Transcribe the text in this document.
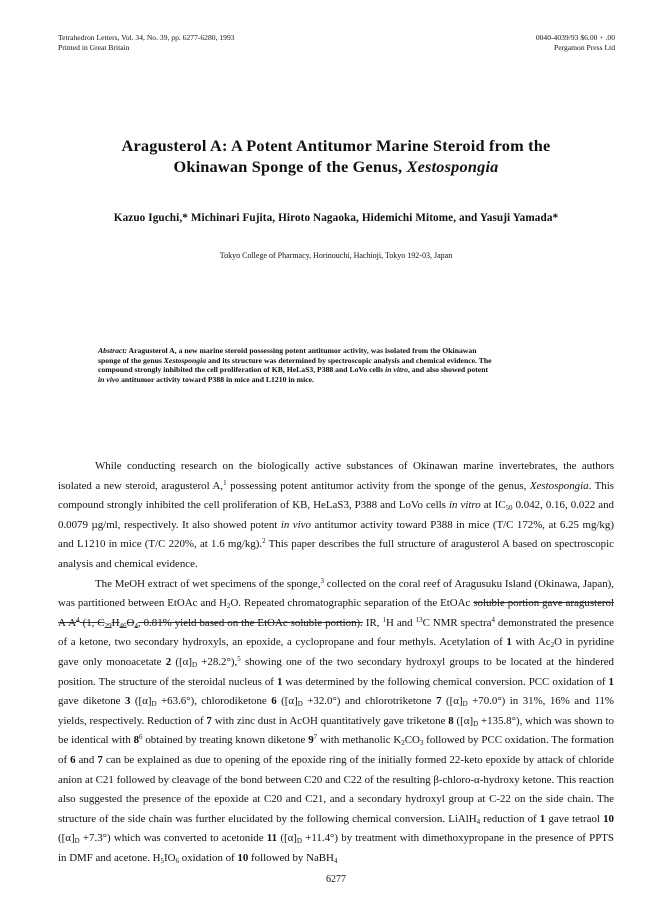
Tetrahedron Letters, Vol. 34, No. 39, pp. 6277-6280, 1993
Printed in Great Britain
0040-4039/93 $6.00 + .00
Pergamon Press Ltd
Aragusterol A: A Potent Antitumor Marine Steroid from the
Okinawan Sponge of the Genus, Xestospongia
Kazuo Iguchi,* Michinari Fujita, Hiroto Nagaoka, Hidemichi Mitome, and Yasuji Yamada*
Tokyo College of Pharmacy, Horinouchi, Hachioji, Tokyo 192-03, Japan
Abstract: Aragusterol A, a new marine steroid possessing potent antitumor activity, was isolated from the Okinawan sponge of the genus Xestospongia and its structure was determined by spectroscopic analysis and chemical evidence. The compound strongly inhibited the cell proliferation of KB, HeLaS3, P388 and LoVo cells in vitro, and also showed potent in vivo antitumor activity toward P388 in mice and L1210 in mice.

While conducting research on the biologically active substances of Okinawan marine invertebrates, the authors isolated a new steroid, aragusterol A,$^1$ possessing potent antitumor activity from the sponge of the genus, Xestospongia. This compound strongly inhibited the cell proliferation of KB, HeLaS3, P388 and LoVo cells in vitro at $IC_{50}$ 0.042, 0.16, 0.022 and 0.0079 µg/ml, respectively. It also showed potent in vivo antitumor activity toward P388 in mice (T/C 172%, at 6.25 mg/kg) and L1210 in mice (T/C 220%, at 1.6 mg/kg).$^2$ This paper describes the full structure of aragusterol A based on spectroscopic analysis and chemical evidence.

The MeOH extract of wet specimens of the sponge,$^3$ collected on the coral reef of Aragusuku Island (Okinawa, Japan), was partitioned between EtOAc and $H_2O$. Repeated chromatographic separation of the EtOAc soluble portion gave aragusterol A $A^4$ (1, $C_{29}H_{46}O_4$, 0.81% yield based on the EtOAc soluble portion). IR, $^1$H and $^{13}$C NMR spectra$^4$ demonstrated the presence of a ketone, two secondary hydroxyls, an epoxide, a cyclopropane and four methyls. Acetylation of 1 with $Ac_2O$ in pyridine gave only monoacetate 2 $([\alpha]_D +28.2^\circ),^5$ showing one of the two secondary hydroxyl groups to be located at the hindered position. The structure of the steroidal nucleus of 1 was determined by the following chemical conversion. PCC oxidation of 1 gave diketone 3 $([\alpha]_D +63.6^\circ)$, chlorodiketone 6 $([\alpha]_D +32.0^\circ)$ and chlorotriketone 7 $([\alpha]_D +70.0^\circ)$ in 31%, 16% and 11% yields, respectively. Reduction of 7 with zinc dust in AcOH quantitatively gave triketone 8 $([\alpha]_D +135.8^\circ)$, which was shown to be identical with $8^6$ obtained by treating known diketone $9^7$ with methanolic $K_2CO_3$ followed by PCC oxidation. The formation of 6 and 7 can be explained as due to opening of the epoxide ring of the initially formed 22-keto epoxide by attack of chloride anion at C21 followed by cleavage of the bond between C20 and C22 of the resulting β-chloro-α-hydroxy ketone. This reaction also suggested the presence of the epoxide at C20 and C21, and a secondary hydroxyl group at C-22 on the side chain. The structure of the side chain was further elucidated by the following chemical conversion. LiAlH$_4$ reduction of 1 gave tetraol 10 $([\alpha]_D +7.3^\circ)$ which was converted to acetonide 11 $([\alpha]_D +11.4^\circ)$ by treatment with dimethoxypropane in the presence of PPTS in DMF and acetone. $H_5IO_6$ oxidation of 10 followed by NaBH$_4$

6277
